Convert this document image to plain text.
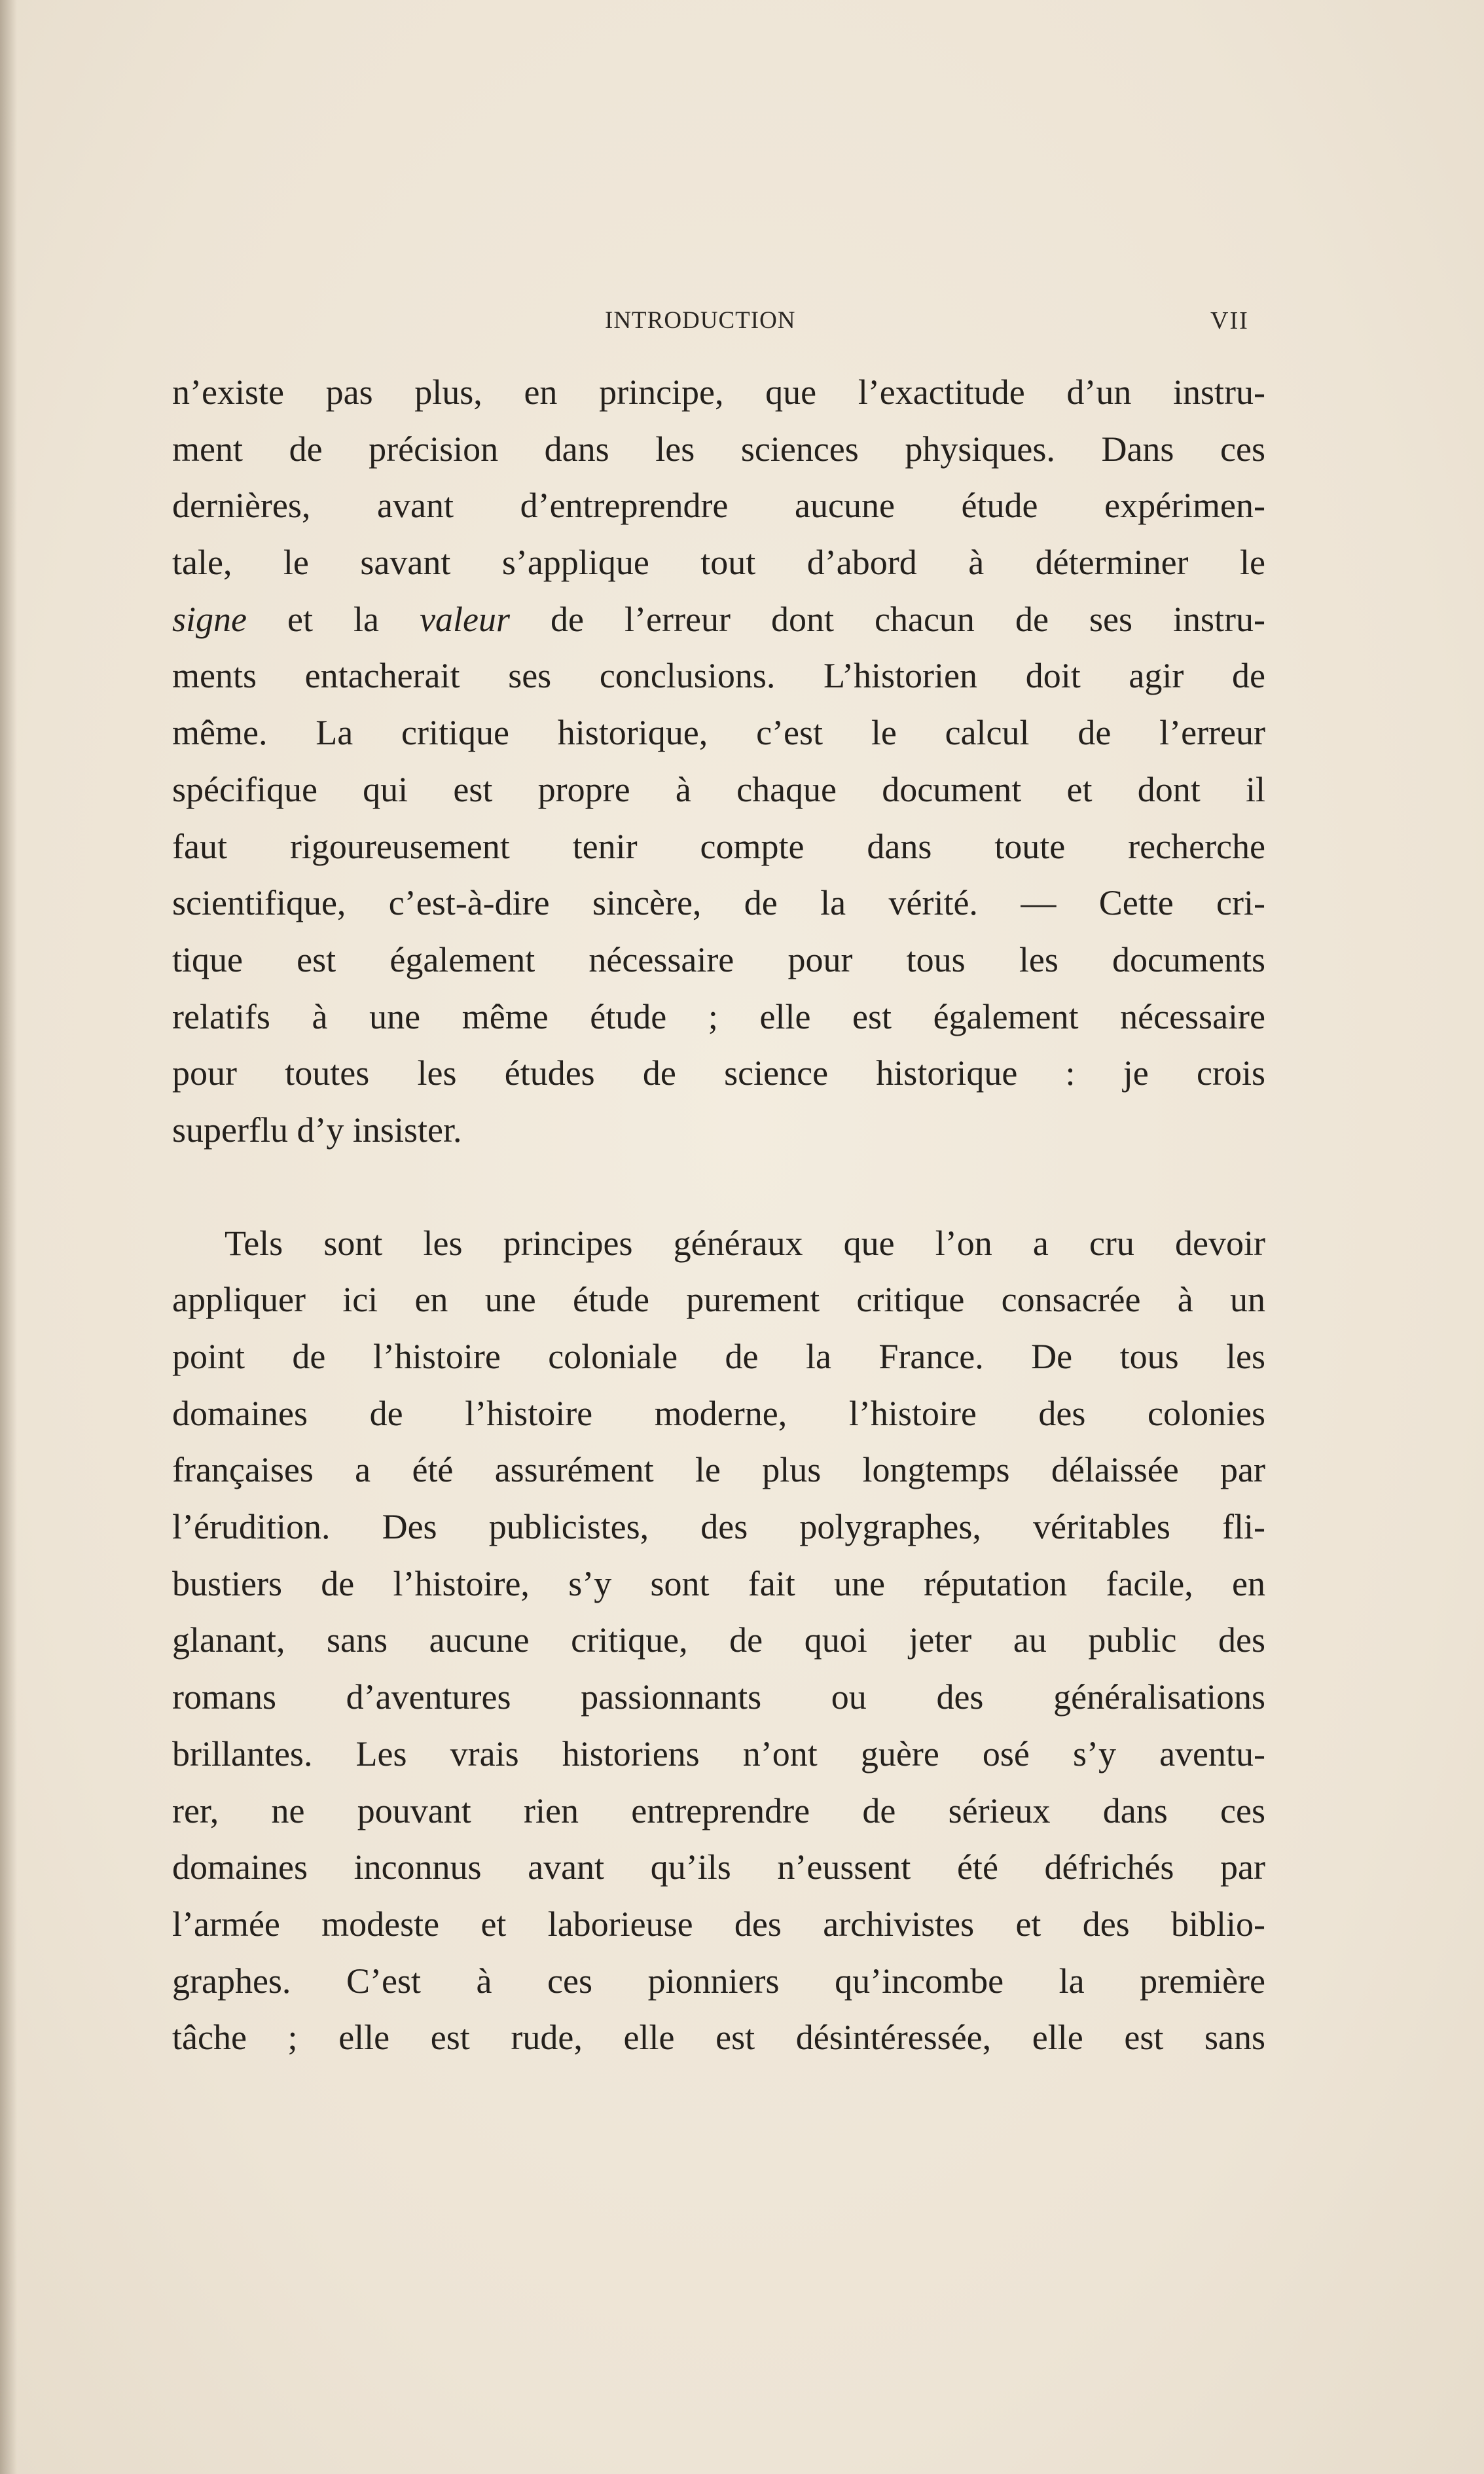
INTRODUCTION	VII
n’existe pas plus, en principe, que l’exactitude d’un instru-
ment de précision dans les sciences physiques. Dans ces
dernières, avant d’entreprendre aucune étude expérimen-
tale, le savant s’applique tout d’abord à déterminer le
signe et la valeur de l’erreur dont chacun de ses instru-
ments entacherait ses conclusions. L’historien doit agir de
même. La critique historique, c’est le calcul de l’erreur
spécifique qui est propre à chaque document et dont il
faut rigoureusement tenir compte dans toute recherche
scientifique, c’est-à-dire sincère, de la vérité. — Cette cri-
tique est également nécessaire pour tous les documents
relatifs à une même étude ; elle est également nécessaire
pour toutes les études de science historique : je crois
superflu d’y insister.
Tels sont les principes généraux que l’on a cru devoir
appliquer ici en une étude purement critique consacrée à un
point de l’histoire coloniale de la France. De tous les
domaines de l’histoire moderne, l’histoire des colonies
françaises a été assurément le plus longtemps délaissée par
l’érudition. Des publicistes, des polygraphes, véritables fli-
bustiers de l’histoire, s’y sont fait une réputation facile, en
glanant, sans aucune critique, de quoi jeter au public des
romans d’aventures passionnants ou des généralisations
brillantes. Les vrais historiens n’ont guère osé s’y aventu-
rer, ne pouvant rien entreprendre de sérieux dans ces
domaines inconnus avant qu’ils n’eussent été défrichés par
l’armée modeste et laborieuse des archivistes et des biblio-
graphes. C’est à ces pionniers qu’incombe la première
tâche ; elle est rude, elle est désintéressée, elle est sans
